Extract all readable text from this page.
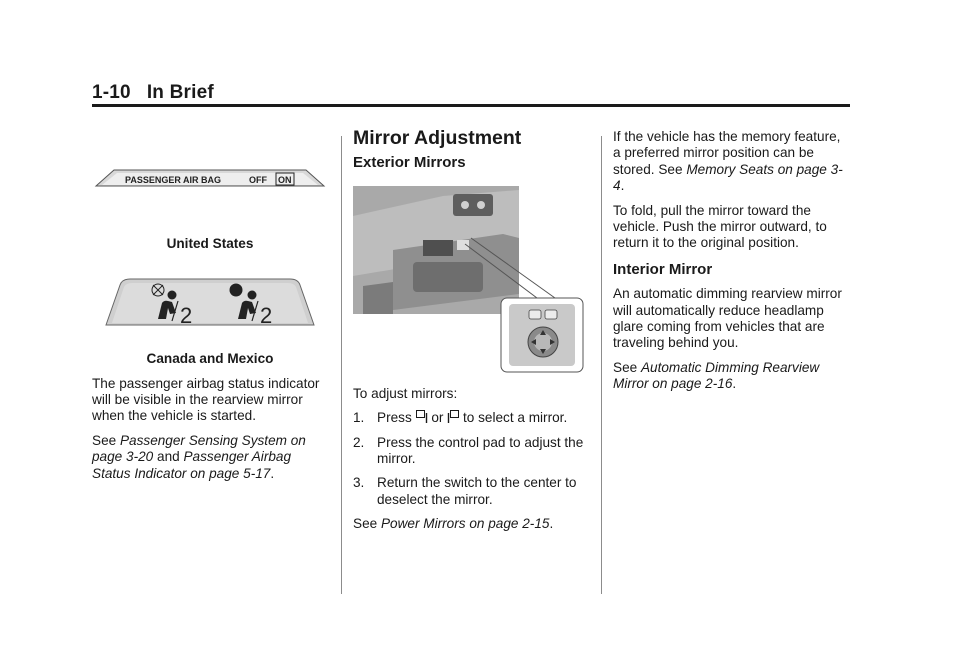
1-10 In Brief
PASSENGER AIR BAG	OFF ON
United States
2	2
Canada and Mexico

The passenger airbag status indicator will be visible in the rearview mirror when the vehicle is started.

See Passenger Sensing System on page 3-20 and Passenger Airbag Status Indicator on page 5-17.

Mirror Adjustment
Exterior Mirrors

To adjust mirrors:

1. Press or to select a mirror.
2. Press the control pad to adjust the mirror.
3. Return the switch to the center to deselect the mirror.

See Power Mirrors on page 2-15.

If the vehicle has the memory feature, a preferred mirror position can be stored. See Memory Seats on page 3-4.

To fold, pull the mirror toward the vehicle. Push the mirror outward, to return it to the original position.

Interior Mirror

An automatic dimming rearview mirror will automatically reduce headlamp glare coming from vehicles that are traveling behind you.

See Automatic Dimming Rearview Mirror on page 2-16.
